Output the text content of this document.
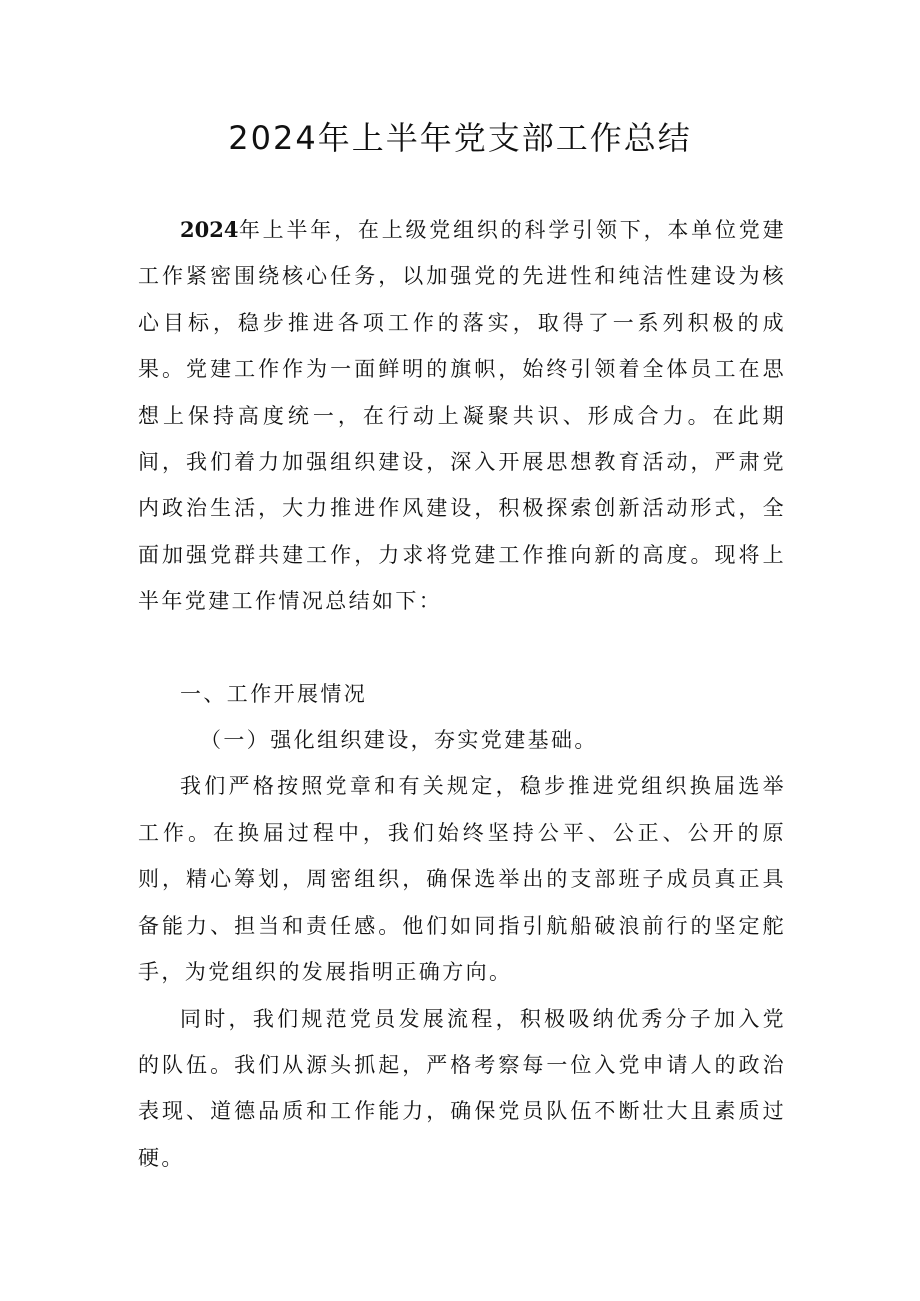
2024年上半年党支部工作总结

2024年上半年，在上级党组织的科学引领下，本单位党建工作紧密围绕核心任务，以加强党的先进性和纯洁性建设为核心目标，稳步推进各项工作的落实，取得了一系列积极的成果。党建工作作为一面鲜明的旗帜，始终引领着全体员工在思想上保持高度统一，在行动上凝聚共识、形成合力。在此期间，我们着力加强组织建设，深入开展思想教育活动，严肃党内政治生活，大力推进作风建设，积极探索创新活动形式，全面加强党群共建工作，力求将党建工作推向新的高度。现将上半年党建工作情况总结如下：

一、工作开展情况

（一）强化组织建设，夯实党建基础。

我们严格按照党章和有关规定，稳步推进党组织换届选举工作。在换届过程中，我们始终坚持公平、公正、公开的原则，精心筹划，周密组织，确保选举出的支部班子成员真正具备能力、担当和责任感。他们如同指引航船破浪前行的坚定舵手，为党组织的发展指明正确方向。

同时，我们规范党员发展流程，积极吸纳优秀分子加入党的队伍。我们从源头抓起，严格考察每一位入党申请人的政治表现、道德品质和工作能力，确保党员队伍不断壮大且素质过硬。
